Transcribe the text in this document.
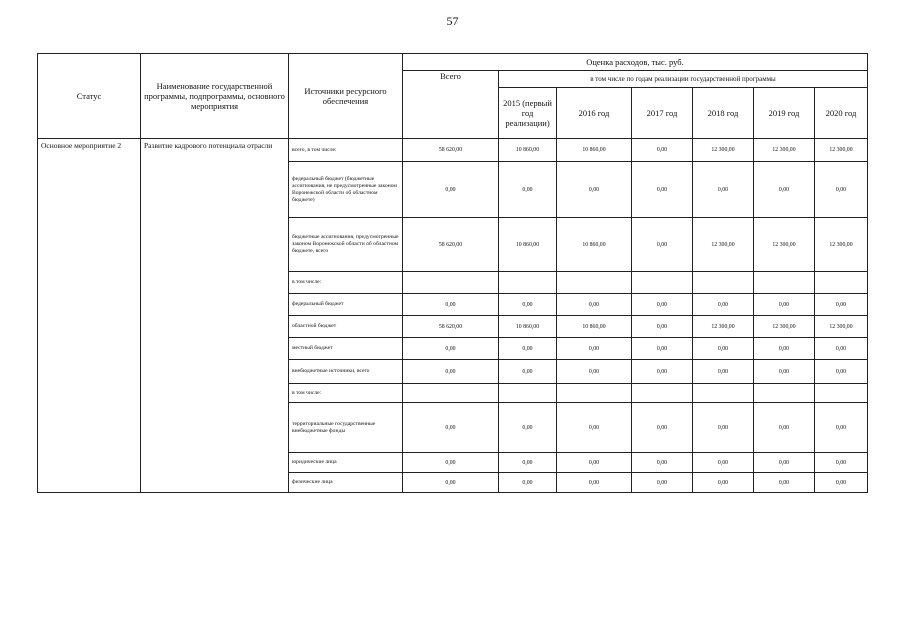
57
Статус	Наименование государственной программы, подпрограммы, основного мероприятия	Источники ресурсного обеспечения	Оценка расходов, тыс. руб.						
			Всего	в том числе по годам реализации государственной программы					
				2015 (первый год реализации)	2016 год	2017 год	2018 год	2019 год	2020 год
Основное мероприятие 2	Развитие кадрового потенциала отрасли	всего, в том числе:	58 620,00	10 860,00	10 860,00	0,00	12 300,00	12 300,00	12 300,00
		федеральный бюджет (бюджетные ассигнования, не предусмотренные законом Воронежской области об областном бюджете)	0,00	0,00	0,00	0,00	0,00	0,00	0,00
		бюджетные ассигнования, предусмотренные законом Воронежской области об областном бюджете, всего	58 620,00	10 860,00	10 860,00	0,00	12 300,00	12 300,00	12 300,00
		в том числе:							
		федеральный бюджет	0,00	0,00	0,00	0,00	0,00	0,00	0,00
		областной бюджет	58 620,00	10 860,00	10 860,00	0,00	12 300,00	12 300,00	12 300,00
		местный бюджет	0,00	0,00	0,00	0,00	0,00	0,00	0,00
		внебюджетные источники, всего	0,00	0,00	0,00	0,00	0,00	0,00	0,00
		в том числе:							
		территориальные государственные внебюджетные фонды	0,00	0,00	0,00	0,00	0,00	0,00	0,00
		юридические лица	0,00	0,00	0,00	0,00	0,00	0,00	0,00
		физические лица	0,00	0,00	0,00	0,00	0,00	0,00	0,00
